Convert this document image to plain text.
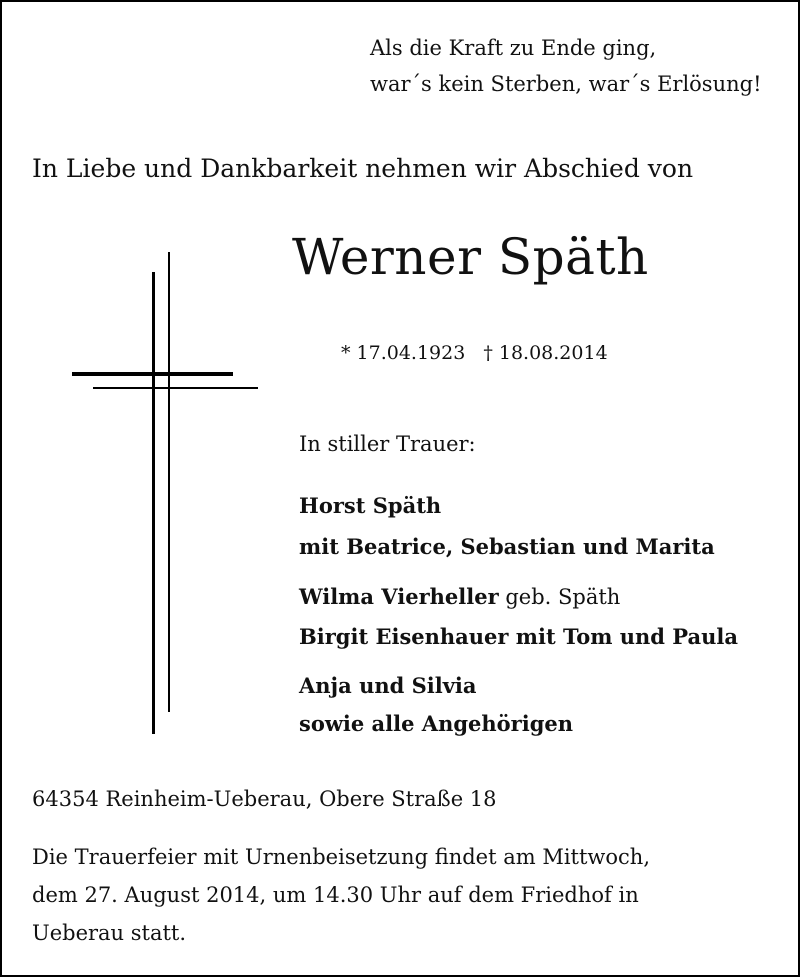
Als die Kraft zu Ende ging,

war´s kein Sterben, war´s Erlösung!

In Liebe und Dankbarkeit nehmen wir Abschied von

Werner Späth

* 17.04.1923 † 18.08.2014

In stiller Trauer:

Horst Späth

mit Beatrice, Sebastian und Marita

Wilma Vierheller geb. Späth

Birgit Eisenhauer mit Tom und Paula

Anja und Silvia

sowie alle Angehörigen

64354 Reinheim-Ueberau, Obere Straße 18

Die Trauerfeier mit Urnenbeisetzung findet am Mittwoch,

dem 27. August 2014, um 14.30 Uhr auf dem Friedhof in

Ueberau statt.
